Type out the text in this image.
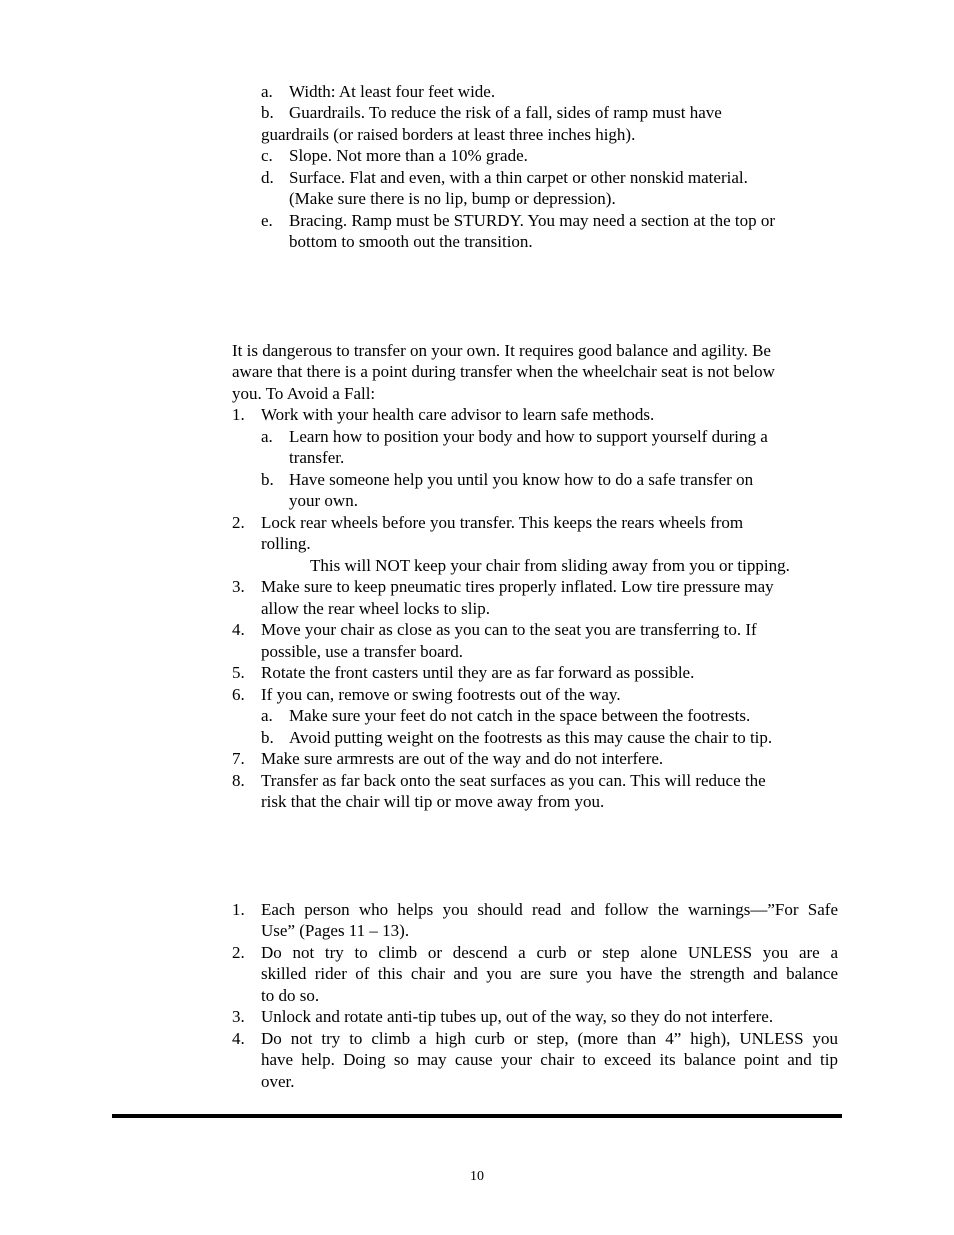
a. Width: At least four feet wide.
b. Guardrails. To reduce the risk of a fall, sides of ramp must have
guardrails (or raised borders at least three inches high).
c. Slope. Not more than a 10% grade.
d. Surface. Flat and even, with a thin carpet or other nonskid material.
(Make sure there is no lip, bump or depression).
e. Bracing. Ramp must be STURDY. You may need a section at the top or
bottom to smooth out the transition.
It is dangerous to transfer on your own. It requires good balance and agility. Be
aware that there is a point during transfer when the wheelchair seat is not below
you. To Avoid a Fall:
1. Work with your health care advisor to learn safe methods.
a. Learn how to position your body and how to support yourself during a
transfer.
b. Have someone help you until you know how to do a safe transfer on
your own.
2. Lock rear wheels before you transfer. This keeps the rears wheels from
rolling.
This will NOT keep your chair from sliding away from you or tipping.
3. Make sure to keep pneumatic tires properly inflated. Low tire pressure may
allow the rear wheel locks to slip.
4. Move your chair as close as you can to the seat you are transferring to. If
possible, use a transfer board.
5. Rotate the front casters until they are as far forward as possible.
6. If you can, remove or swing footrests out of the way.
a. Make sure your feet do not catch in the space between the footrests.
b. Avoid putting weight on the footrests as this may cause the chair to tip.
7. Make sure armrests are out of the way and do not interfere.
8. Transfer as far back onto the seat surfaces as you can. This will reduce the
risk that the chair will tip or move away from you.
1. Each person who helps you should read and follow the warnings—”For Safe
Use” (Pages 11 – 13).
2. Do not try to climb or descend a curb or step alone UNLESS you are a
skilled rider of this chair and you are sure you have the strength and balance
to do so.
3. Unlock and rotate anti-tip tubes up, out of the way, so they do not interfere.
4. Do not try to climb a high curb or step, (more than 4” high), UNLESS you
have help. Doing so may cause your chair to exceed its balance point and tip
over.
10
